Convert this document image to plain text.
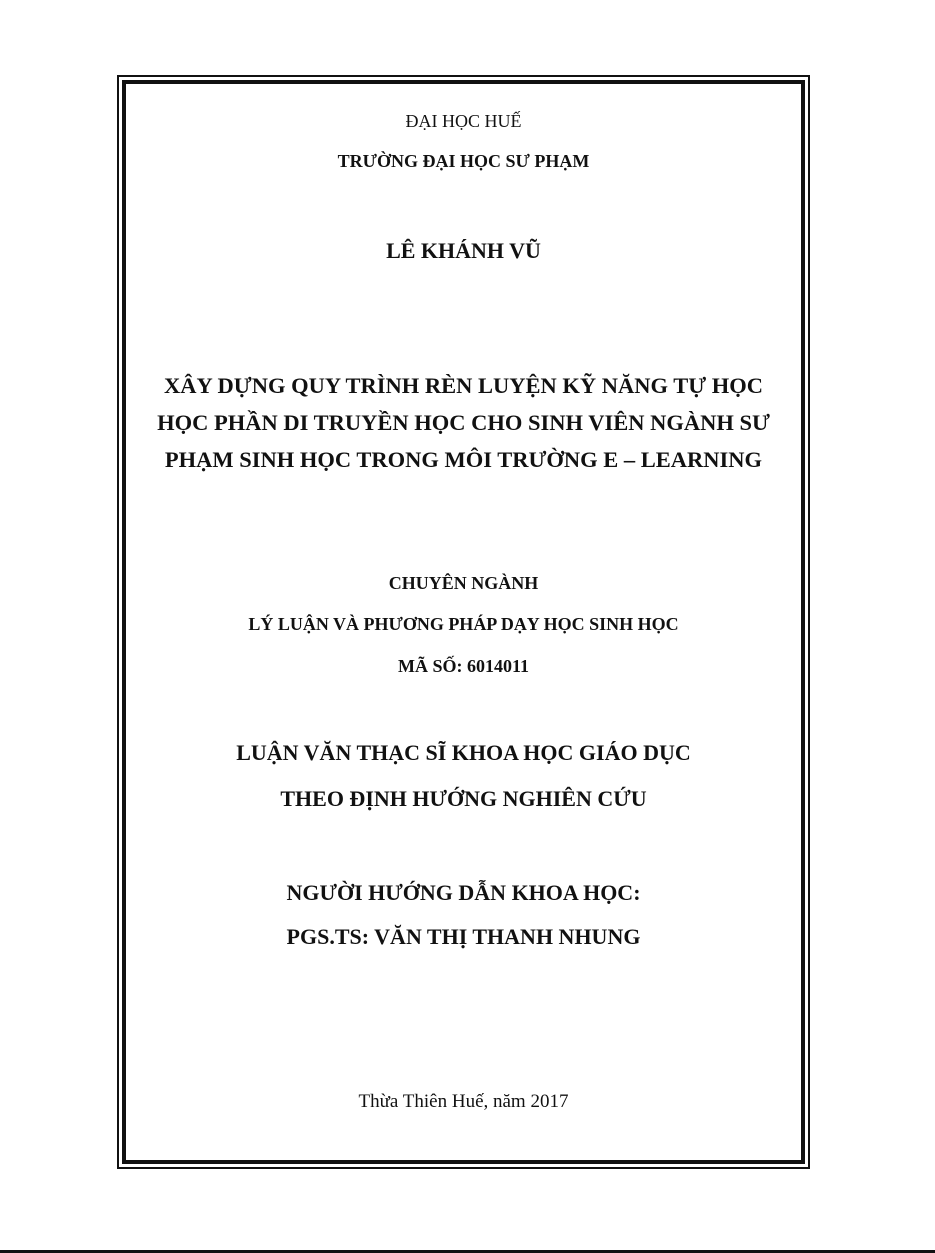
ĐẠI HỌC HUẾ
TRƯỜNG ĐẠI HỌC SƯ PHẠM
LÊ KHÁNH VŨ
XÂY DỰNG QUY TRÌNH RÈN LUYỆN KỸ NĂNG TỰ HỌC
HỌC PHẦN DI TRUYỀN HỌC CHO SINH VIÊN NGÀNH SƯ
PHẠM SINH HỌC TRONG MÔI TRƯỜNG E – LEARNING
CHUYÊN NGÀNH
LÝ LUẬN VÀ PHƯƠNG PHÁP DẠY HỌC SINH HỌC
MÃ SỐ: 6014011
LUẬN VĂN THẠC SĨ KHOA HỌC GIÁO DỤC
THEO ĐỊNH HƯỚNG NGHIÊN CỨU
NGƯỜI HƯỚNG DẪN KHOA HỌC:
PGS.TS: VĂN THỊ THANH NHUNG
Thừa Thiên Huế, năm 2017
